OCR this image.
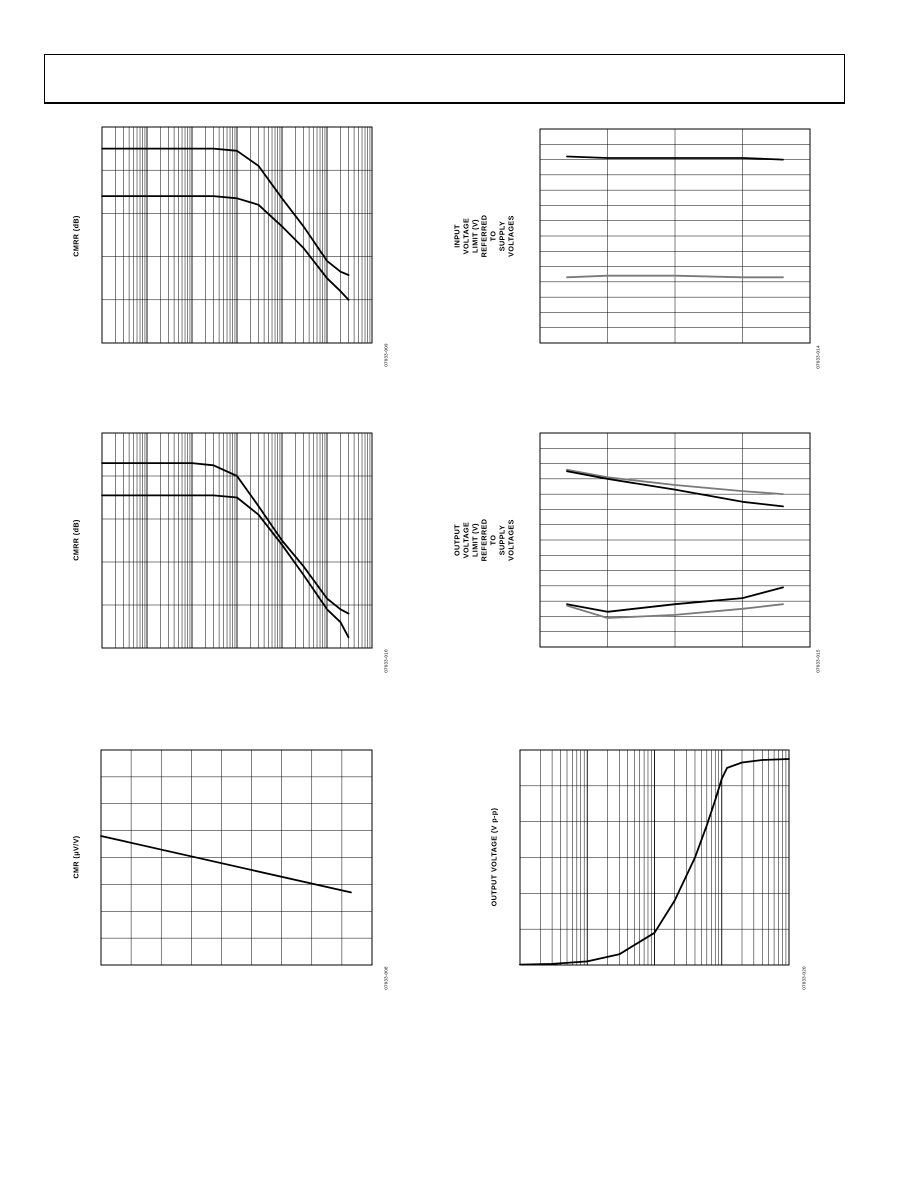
CMRR (dB)
07033-009
INPUT VOLTAGE LIMIT (V)
REFERRED TO SUPPLY VOLTAGES
07033-014
CMRR (dB)
07033-010
OUTPUT VOLTAGE LIMIT (V)
REFERRED TO SUPPLY VOLTAGES
07033-015
CMR (μV/V)
07033-008
OUTPUT VOLTAGE (V p-p)
07033-020
